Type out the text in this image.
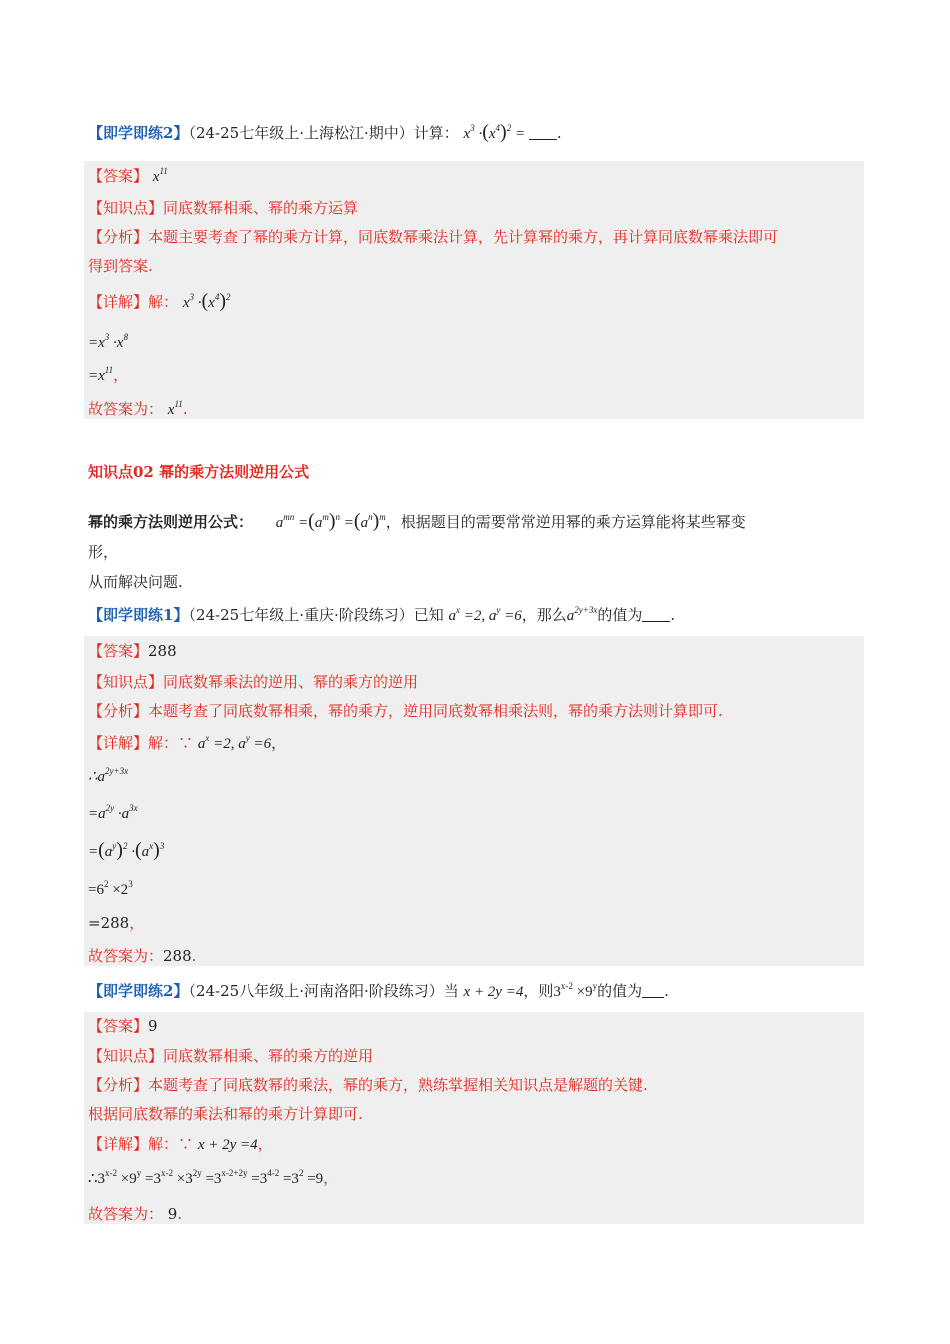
【即学即练2】（24-25七年级上·上海松江·期中）计算： $x^3 \cdot(x^4)^2$ = .
【答案】 $x^{11}$
【知识点】同底数幂相乘、幂的乘方运算
【分析】本题主要考查了幂的乘方计算，同底数幂乘法计算，先计算幂的乘方，再计算同底数幂乘法即可
得到答案.
【详解】解： $x^3 \cdot(x^4)^2$
$=x^3 \cdot x^8$
$=x^{11}$，
故答案为： $x^{11}$.
知识点02 幂的乘方法则逆用公式
幂的乘方法则逆用公式： $a^{mn} =(a^m)^n =(a^n)^m$，根据题目的需要常常逆用幂的乘方运算能将某些幂变
形，
从而解决问题.
【即学即练1】（24-25七年级上·重庆·阶段练习）已知 $a^x =2$, $a^y =6$，那么$a^{2y+3x}$的值为 .
【答案】288
【知识点】同底数幂乘法的逆用、幂的乘方的逆用
【分析】本题考查了同底数幂相乘，幂的乘方，逆用同底数幂相乘法则，幂的乘方法则计算即可.
【详解】解：∵ $a^x =2$, $a^y =6$，
$\therefore a^{2y+3x}$
$=a^{2y} \cdot a^{3x}$
$=(a^y)^2 \cdot(a^x)^3$
$=6^2 \times 2^3$
=288，
故答案为：288.
【即学即练2】（24-25八年级上·河南洛阳·阶段练习）当 x + 2y =4，则$3^{x-2} \times 9^y$的值为 .
【答案】9
【知识点】同底数幂相乘、幂的乘方的逆用
【分析】本题考查了同底数幂的乘法，幂的乘方，熟练掌握相关知识点是解题的关键.
根据同底数幂的乘法和幂的乘方计算即可.
【详解】解：∵ x + 2y =4，
$\therefore 3^{x-2} \times 9^y =3^{x-2} \times 3^{2y} =3^{x-2+2y} =3^{4-2} =3^2 =9$，
故答案为： 9.
